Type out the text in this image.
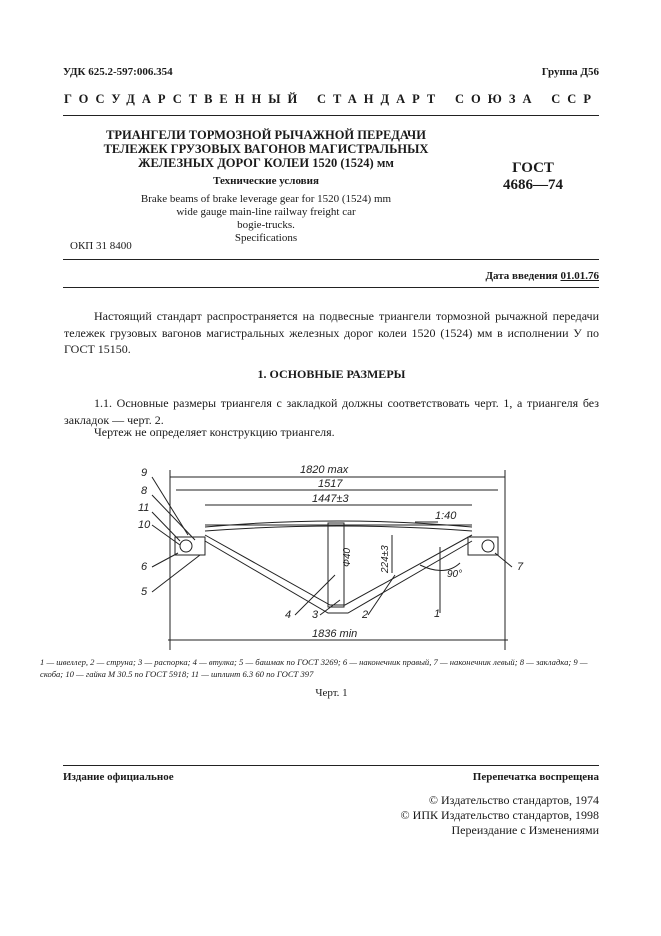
УДК 625.2-597:006.354	Группа Д56
ГОСУДАРСТВЕННЫЙ СТАНДАРТ СОЮЗА ССР
ТРИАНГЕЛИ ТОРМОЗНОЙ РЫЧАЖНОЙ ПЕРЕДАЧИ
ТЕЛЕЖЕК ГРУЗОВЫХ ВАГОНОВ МАГИСТРАЛЬНЫХ
ЖЕЛЕЗНЫХ ДОРОГ КОЛЕИ 1520 (1524) мм
Технические условия
Brake beams of brake leverage gear for 1520 (1524) mm
wide gauge main-line railway freight car
bogie-trucks.
Specifications
ГОСТ
4686—74
ОКП 31 8400
Дата введения 01.01.76
Настоящий стандарт распространяется на подвесные триангели тормозной рычажной передачи тележек грузовых вагонов магистральных железных дорог колеи 1520 (1524) мм в исполнении У по ГОСТ 15150.
1. ОСНОВНЫЕ РАЗМЕРЫ
1.1. Основные размеры триангеля с закладкой должны соответствовать черт. 1, а триангеля без закладок — черт. 2.
Чертеж не определяет конструкцию триангеля.
1820 max
1517
1447±3
1836 min
1:40
Ф40	224±3
90°
9
8
11
10
6
5
4 3	2	1
7
1 — швеллер, 2 — струна; 3 — распорка; 4 — втулка; 5 — башмак по ГОСТ 3269; 6 — наконечник правый, 7 — наконечник левый; 8 — закладка; 9 — скоба; 10 — гайка М 30.5 по ГОСТ 5918; 11 — шплинт 6.3 60 по ГОСТ 397
Черт. 1
Издание официальное	Перепечатка воспрещена
© Издательство стандартов, 1974
© ИПК Издательство стандартов, 1998
Переиздание с Изменениями
